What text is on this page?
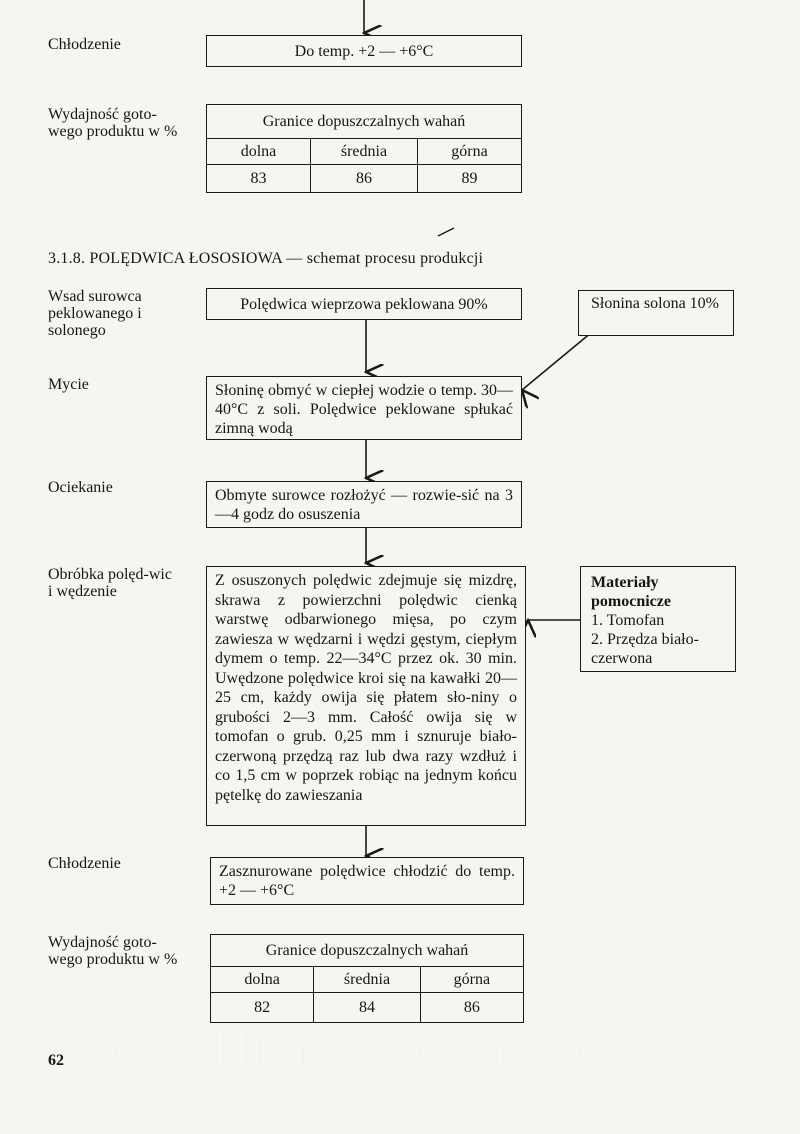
Chłodzenie	Do temp. +2 — +6°C
Wydajność goto-wego produktu w %
Granice dopuszczalnych wahań		
dolna	średnia	górna
83	86	89
3.1.8. POLĘDWICA ŁOSOSIOWA — schemat procesu produkcji
Wsad surowca peklowanego i solonego
Polędwica wieprzowa peklowana 90%	Słonina solona 10%
Mycie	Słoninę obmyć w ciepłej wodzie o temp. 30—40°C z soli. Polędwice peklowane spłukać zimną wodą
Ociekanie	Obmyte surowce rozłożyć — rozwie-sić na 3—4 godz do osuszenia
Obróbka polęd-wic i wędzenie
Z osuszonych polędwic zdejmuje się mizdrę, skrawa z powierzchni polędwic cienką warstwę odbarwionego mięsa, po czym zawiesza w wędzarni i wędzi gęstym, ciepłym dymem o temp. 22—34°C przez ok. 30 min. Uwędzone polędwice kroi się na kawałki 20—25 cm, każdy owija się płatem sło-niny o grubości 2—3 mm. Całość owija się w tomofan o grub. 0,25 mm i sznuruje biało-czerwoną przędzą raz lub dwa razy wzdłuż i co 1,5 cm w poprzek robiąc na jednym końcu pętelkę do zawieszania
Materiały pomocnicze
1. Tomofan
2. Przędza biało-czerwona
Chłodzenie	Zasznurowane polędwice chłodzić do temp. +2 — +6°C
Wydajność goto-wego produktu w %
Granice dopuszczalnych wahań		
dolna	średnia	górna
82	84	86
wedlinydomowe.pl
62
